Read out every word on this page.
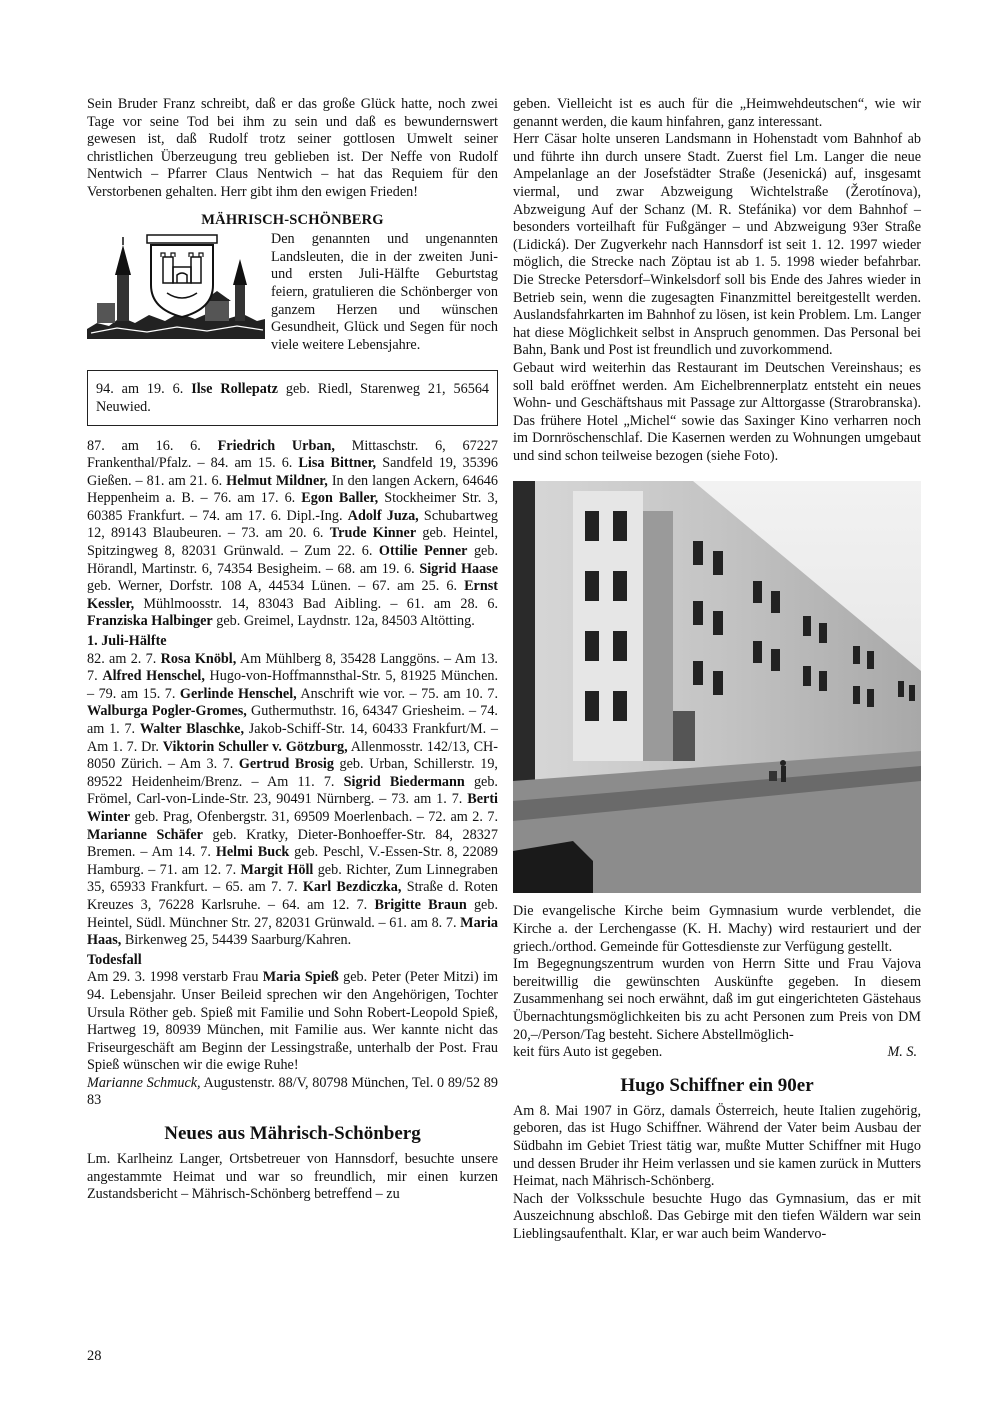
Sein Bruder Franz schreibt, daß er das große Glück hatte, noch zwei Tage vor seine Tod bei ihm zu sein und daß es bewundernswert gewesen ist, daß Rudolf trotz seiner gottlosen Umwelt seiner christlichen Überzeugung treu geblieben ist. Der Neffe von Rudolf Nentwich – Pfarrer Claus Nentwich – hat das Requiem für den Verstorbenen gehalten. Herr gibt ihm den ewigen Frieden!

MÄHRISCH-SCHÖNBERG

Den genannten und ungenannten Landsleuten, die in der zweiten Juni- und ersten Juli-Hälfte Geburtstag feiern, gratulieren die Schönberger von ganzem Herzen und wünschen Gesundheit, Glück und Segen für noch viele weitere Lebensjahre.

94. am 19. 6. Ilse Rollepatz geb. Riedl, Starenweg 21, 56564 Neuwied.

87. am 16. 6. Friedrich Urban, Mittaschstr. 6, 67227 Frankenthal/Pfalz. – 84. am 15. 6. Lisa Bittner, Sandfeld 19, 35396 Gießen. – 81. am 21. 6. Helmut Mildner, In den langen Ackern, 64646 Heppenheim a. B. – 76. am 17. 6. Egon Baller, Stockheimer Str. 3, 60385 Frankfurt. – 74. am 17. 6. Dipl.-Ing. Adolf Juza, Schubartweg 12, 89143 Blaubeuren. – 73. am 20. 6. Trude Kinner geb. Heintel, Spitzingweg 8, 82031 Grünwald. – Zum 22. 6. Ottilie Penner geb. Hörandl, Martinstr. 6, 74354 Besigheim. – 68. am 19. 6. Sigrid Haase geb. Werner, Dorfstr. 108 A, 44534 Lünen. – 67. am 25. 6. Ernst Kessler, Mühlmoosstr. 14, 83043 Bad Aibling. – 61. am 28. 6. Franziska Halbinger geb. Greimel, Laydnstr. 12a, 84503 Altötting.

1. Juli-Hälfte

82. am 2. 7. Rosa Knöbl, Am Mühlberg 8, 35428 Langgöns. – Am 13. 7. Alfred Henschel, Hugo-von-Hoffmannsthal-Str. 5, 81925 München. – 79. am 15. 7. Gerlinde Henschel, Anschrift wie vor. – 75. am 10. 7. Walburga Pogler-Gromes, Guthermuthstr. 16, 64347 Griesheim. – 74. am 1. 7. Walter Blaschke, Jakob-Schiff-Str. 14, 60433 Frankfurt/M. – Am 1. 7. Dr. Viktorin Schuller v. Götzburg, Allenmosstr. 142/13, CH-8050 Zürich. – Am 3. 7. Gertrud Brosig geb. Urban, Schillerstr. 19, 89522 Heidenheim/Brenz. – Am 11. 7. Sigrid Biedermann geb. Frömel, Carl-von-Linde-Str. 23, 90491 Nürnberg. – 73. am 1. 7. Berti Winter geb. Prag, Ofenbergstr. 31, 69509 Moerlenbach. – 72. am 2. 7. Marianne Schäfer geb. Kratky, Dieter-Bonhoeffer-Str. 84, 28327 Bremen. – Am 14. 7. Helmi Buck geb. Peschl, V.-Essen-Str. 8, 22089 Hamburg. – 71. am 12. 7. Margit Höll geb. Richter, Zum Linnegraben 35, 65933 Frankfurt. – 65. am 7. 7. Karl Bezdiczka, Straße d. Roten Kreuzes 3, 76228 Karlsruhe. – 64. am 12. 7. Brigitte Braun geb. Heintel, Südl. Münchner Str. 27, 82031 Grünwald. – 61. am 8. 7. Maria Haas, Birkenweg 25, 54439 Saarburg/Kahren.

Todesfall

Am 29. 3. 1998 verstarb Frau Maria Spieß geb. Peter (Peter Mitzi) im 94. Lebensjahr. Unser Beileid sprechen wir den Angehörigen, Tochter Ursula Röther geb. Spieß mit Familie und Sohn Robert-Leopold Spieß, Hartweg 19, 80939 München, mit Familie aus. Wer kannte nicht das Friseurgeschäft am Beginn der Lessingstraße, unterhalb der Post. Frau Spieß wünschen wir die ewige Ruhe!

Marianne Schmuck, Augustenstr. 88/V, 80798 München, Tel. 0 89/52 89 83

Neues aus Mährisch-Schönberg

Lm. Karlheinz Langer, Ortsbetreuer von Hannsdorf, besuchte unsere angestammte Heimat und war so freundlich, mir einen kurzen Zustandsbericht – Mährisch-Schönberg betreffend – zu

geben. Vielleicht ist es auch für die „Heimwehdeutschen“, wie wir genannt werden, die kaum hinfahren, ganz interessant.

Herr Cäsar holte unseren Landsmann in Hohenstadt vom Bahnhof ab und führte ihn durch unsere Stadt. Zuerst fiel Lm. Langer die neue Ampelanlage an der Josefstädter Straße (Jesenická) auf, insgesamt viermal, und zwar Abzweigung Wichtelstraße (Žerotínova), Abzweigung Auf der Schanz (M. R. Stefánika) vor dem Bahnhof – besonders vorteilhaft für Fußgänger – und Abzweigung 93er Straße (Lidická). Der Zugverkehr nach Hannsdorf ist seit 1. 12. 1997 wieder möglich, die Strecke nach Zöptau ist ab 1. 5. 1998 wieder befahrbar. Die Strecke Petersdorf–Winkelsdorf soll bis Ende des Jahres wieder in Betrieb sein, wenn die zugesagten Finanzmittel bereitgestellt werden. Auslandsfahrkarten im Bahnhof zu lösen, ist kein Problem. Lm. Langer hat diese Möglichkeit selbst in Anspruch genommen. Das Personal bei Bahn, Bank und Post ist freundlich und zuvorkommend.

Gebaut wird weiterhin das Restaurant im Deutschen Vereinshaus; es soll bald eröffnet werden. Am Eichelbrennerplatz entsteht ein neues Wohn- und Geschäftshaus mit Passage zur Alttorgasse (Strarobranska). Das frühere Hotel „Michel“ sowie das Saxinger Kino verharren noch im Dornröschenschlaf. Die Kasernen werden zu Wohnungen umgebaut und sind schon teilweise bezogen (siehe Foto).

Die evangelische Kirche beim Gymnasium wurde verblendet, die Kirche a. der Lerchengasse (K. H. Machy) wird restauriert und der griech./orthod. Gemeinde für Gottesdienste zur Verfügung gestellt.

Im Begegnungszentrum wurden von Herrn Sitte und Frau Vajova bereitwillig die gewünschten Auskünfte gegeben. In diesem Zusammenhang sei noch erwähnt, daß im gut eingerichteten Gästehaus Übernachtungsmöglichkeiten bis zu acht Personen zum Preis von DM 20,–/Person/Tag besteht. Sichere Abstellmöglich-

keit fürs Auto ist gegeben.	M. S.
Hugo Schiffner ein 90er

Am 8. Mai 1907 in Görz, damals Österreich, heute Italien zugehörig, geboren, das ist Hugo Schiffner. Während der Vater beim Ausbau der Südbahn im Gebiet Triest tätig war, mußte Mutter Schiffner mit Hugo und dessen Bruder ihr Heim verlassen und sie kamen zurück in Mutters Heimat, nach Mährisch-Schönberg.

Nach der Volksschule besuchte Hugo das Gymnasium, das er mit Auszeichnung abschloß. Das Gebirge mit den tiefen Wäldern war sein Lieblingsaufenthalt. Klar, er war auch beim Wandervo-

28
